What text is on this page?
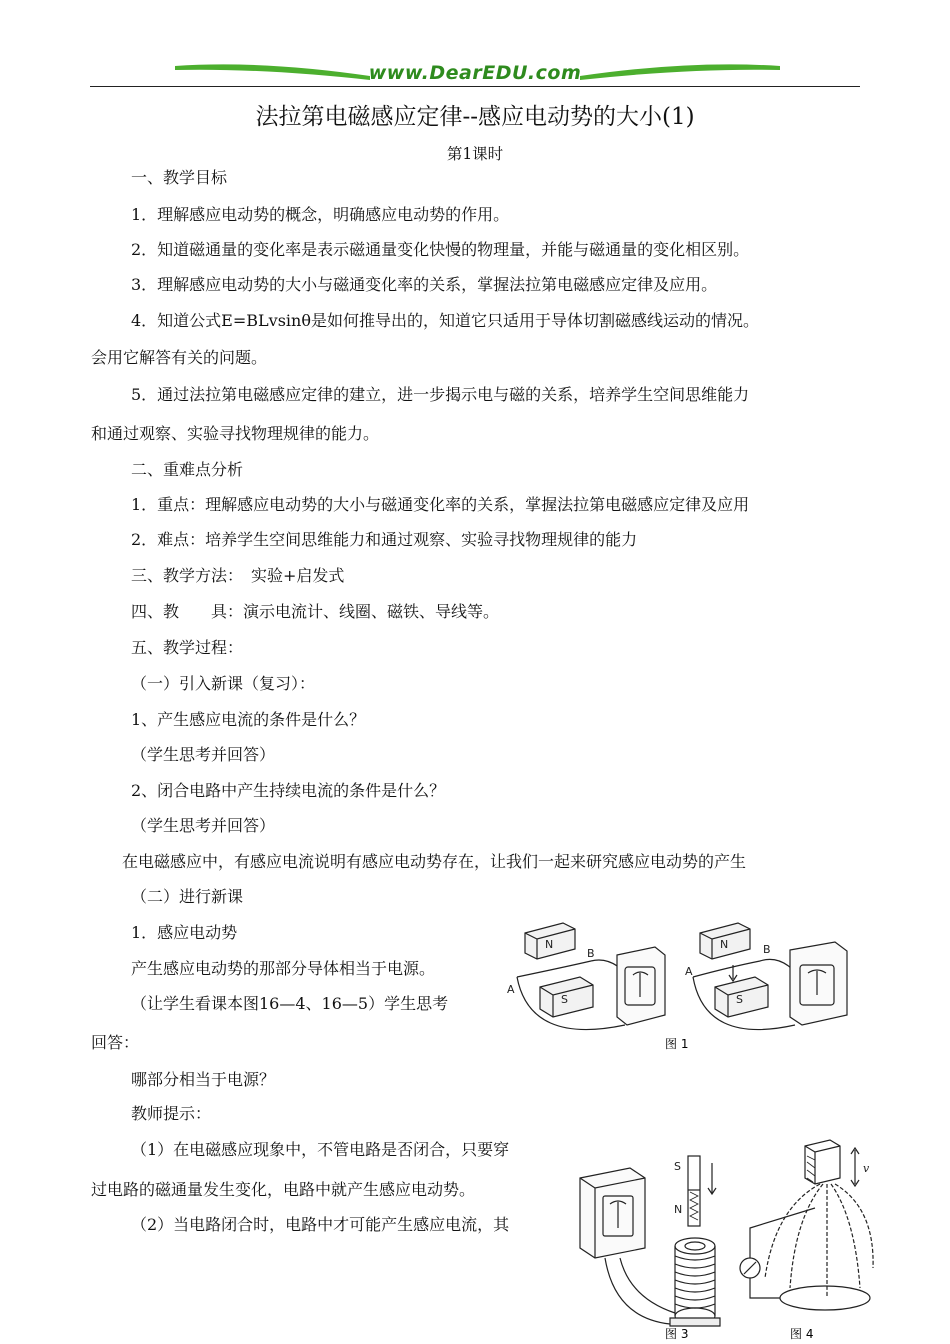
www.DearEDU.com
法拉第电磁感应定律--感应电动势的大小(1)
第1课时
一、教学目标
1．理解感应电动势的概念，明确感应电动势的作用。
2．知道磁通量的变化率是表示磁通量变化快慢的物理量，并能与磁通量的变化相区别。
3．理解感应电动势的大小与磁通变化率的关系，掌握法拉第电磁感应定律及应用。
4．知道公式E=BLvsinθ是如何推导出的，知道它只适用于导体切割磁感线运动的情况。
会用它解答有关的问题。
5．通过法拉第电磁感应定律的建立，进一步揭示电与磁的关系，培养学生空间思维能力
和通过观察、实验寻找物理规律的能力。
二、重难点分析
1．重点：理解感应电动势的大小与磁通变化率的关系，掌握法拉第电磁感应定律及应用
2．难点：培养学生空间思维能力和通过观察、实验寻找物理规律的能力
三、教学方法：　实验+启发式
四、教　　具：演示电流计、线圈、磁铁、导线等。
五、教学过程：
（一）引入新课（复习）：
1、产生感应电流的条件是什么？
（学生思考并回答）
2、闭合电路中产生持续电流的条件是什么？
（学生思考并回答）
在电磁感应中，有感应电流说明有感应电动势存在，让我们一起来研究感应电动势的产生
（二）进行新课
1．感应电动势
产生感应电动势的那部分导体相当于电源。
（让学生看课本图16—4、16—5）学生思考
回答：
哪部分相当于电源？
教师提示：
（1）在电磁感应现象中，不管电路是否闭合，只要穿
过电路的磁通量发生变化，电路中就产生感应电动势。
（2）当电路闭合时，电路中才可能产生感应电流，其
N
S
A
B
A
B
N
S
图 1
S
N
图 3
v
图 4
